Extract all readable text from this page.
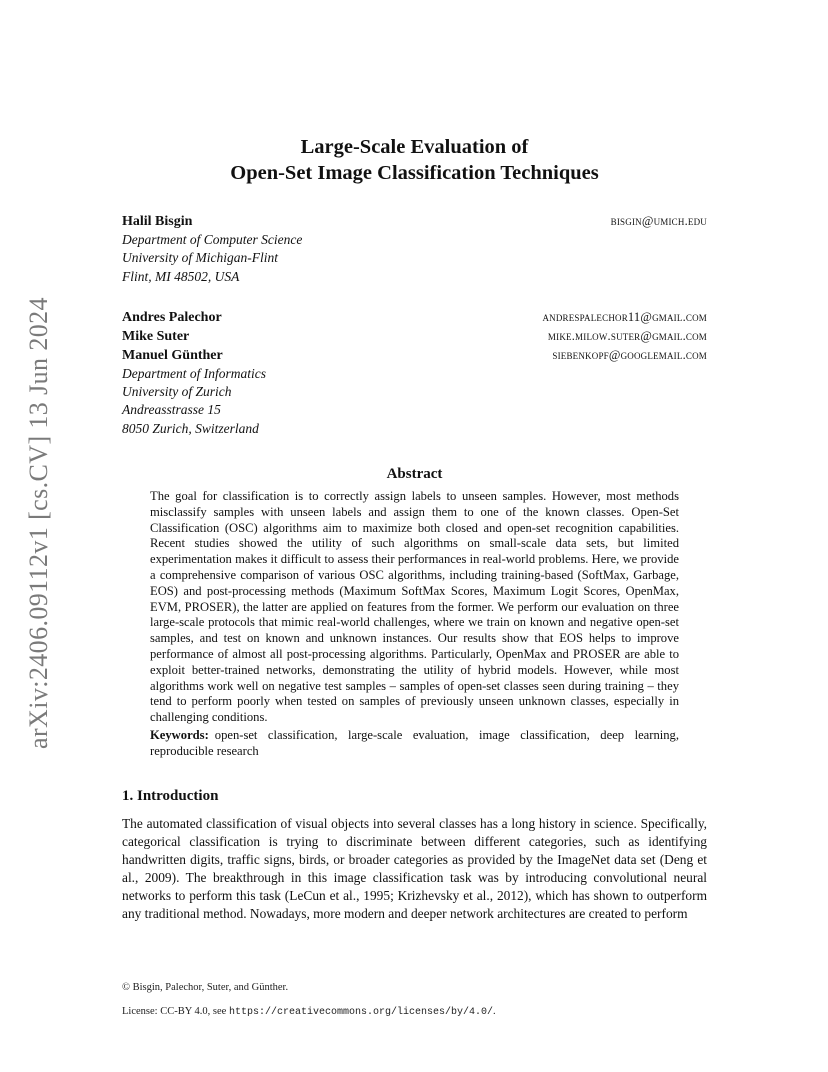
arXiv:2406.09112v1 [cs.CV] 13 Jun 2024
Large-Scale Evaluation of
Open-Set Image Classification Techniques
Halil Bisgin	bisgin@umich.edu
Department of Computer Science
University of Michigan-Flint
Flint, MI 48502, USA
Andres Palechor	andrespalechor11@gmail.com
Mike Suter	mike.milow.suter@gmail.com
Manuel Günther	siebenkopf@googlemail.com
Department of Informatics
University of Zurich
Andreasstrasse 15
8050 Zurich, Switzerland
Abstract

The goal for classification is to correctly assign labels to unseen samples. However, most methods misclassify samples with unseen labels and assign them to one of the known classes. Open-Set Classification (OSC) algorithms aim to maximize both closed and open-set recognition capabilities. Recent studies showed the utility of such algorithms on small-scale data sets, but limited experimentation makes it difficult to assess their performances in real-world problems. Here, we provide a comprehensive comparison of various OSC algorithms, including training-based (SoftMax, Garbage, EOS) and post-processing methods (Maximum SoftMax Scores, Maximum Logit Scores, OpenMax, EVM, PROSER), the latter are applied on features from the former. We perform our evaluation on three large-scale protocols that mimic real-world challenges, where we train on known and negative open-set samples, and test on known and unknown instances. Our results show that EOS helps to improve performance of almost all post-processing algorithms. Particularly, OpenMax and PROSER are able to exploit better-trained networks, demonstrating the utility of hybrid models. However, while most algorithms work well on negative test samples – samples of open-set classes seen during training – they tend to perform poorly when tested on samples of previously unseen unknown classes, especially in challenging conditions.

Keywords: open-set classification, large-scale evaluation, image classification, deep learning, reproducible research
1. Introduction

The automated classification of visual objects into several classes has a long history in science. Specifically, categorical classification is trying to discriminate between different categories, such as identifying handwritten digits, traffic signs, birds, or broader categories as provided by the ImageNet data set (Deng et al., 2009). The breakthrough in this image classification task was by introducing convolutional neural networks to perform this task (LeCun et al., 1995; Krizhevsky et al., 2012), which has shown to outperform any traditional method. Nowadays, more modern and deeper network architectures are created to perform

© Bisgin, Palechor, Suter, and Günther.
License: CC-BY 4.0, see https://creativecommons.org/licenses/by/4.0/.
